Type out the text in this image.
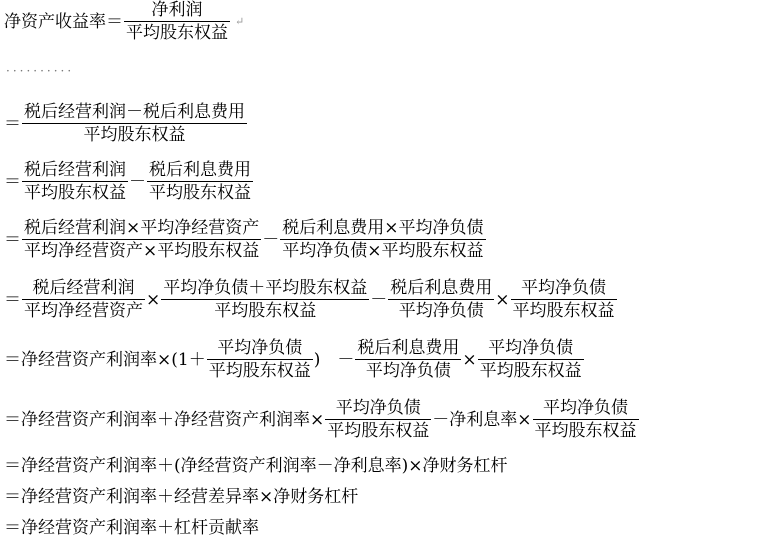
净资产收益率＝ $\frac{\text{净利润}}{\text{平均股东权益}}$ ↵
··········
＝ $\frac{\text{税后经营利润－税后利息费用}}{\text{平均股东权益}}$
＝ $\frac{\text{税后经营利润}}{\text{平均股东权益}} - \frac{\text{税后利息费用}}{\text{平均股东权益}}$
＝ $\frac{\text{税后经营利润×平均净经营资产}}{\text{平均净经营资产×平均股东权益}} - \frac{\text{税后利息费用×平均净负债}}{\text{平均净负债×平均股东权益}}$
＝ $\frac{\text{税后经营利润}}{\text{平均净经营资产}} \times \frac{\text{平均净负债＋平均股东权益}}{\text{平均股东权益}} - \frac{\text{税后利息费用}}{\text{平均净负债}} \times \frac{\text{平均净负债}}{\text{平均股东权益}}$
＝净经营资产利润率$\times(1+ \frac{\text{平均净负债}}{\text{平均股东权益}}$ )　－ $\frac{\text{税后利息费用}}{\text{平均净负债}} \times \frac{\text{平均净负债}}{\text{平均股东权益}}$
＝净经营资产利润率＋净经营资产利润率× $\frac{\text{平均净负债}}{\text{平均股东权益}}$ －净利息率× $\frac{\text{平均净负债}}{\text{平均股东权益}}$
＝净经营资产利润率＋(净经营资产利润率－净利息率)×净财务杠杆
＝净经营资产利润率＋经营差异率×净财务杠杆
＝净经营资产利润率＋杠杆贡献率
